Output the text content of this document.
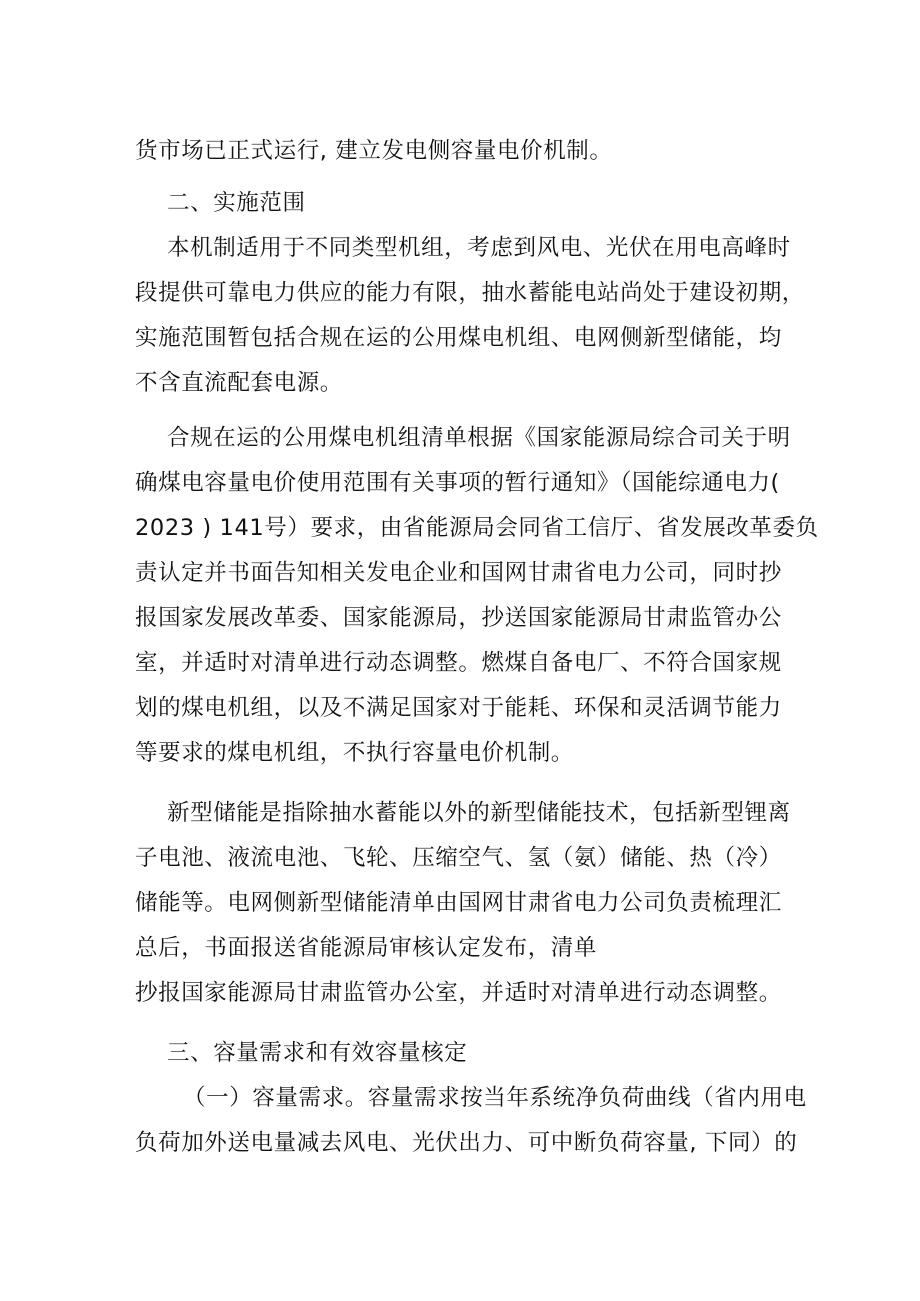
货市场已正式运行, 建立发电侧容量电价机制。

二、实施范围

本机制适用于不同类型机组，考虑到风电、光伏在用电高峰时

段提供可靠电力供应的能力有限，抽水蓄能电站尚处于建设初期，

实施范围暂包括合规在运的公用煤电机组、电网侧新型储能，均

不含直流配套电源。

合规在运的公用煤电机组清单根据《国家能源局综合司关于明

确煤电容量电价使用范围有关事项的暂行通知》（国能综通电力(

2023 ) 141号）要求，由省能源局会同省工信厅、省发展改革委负

责认定并书面告知相关发电企业和国网甘肃省电力公司，同时抄

报国家发展改革委、国家能源局，抄送国家能源局甘肃监管办公

室，并适时对清单进行动态调整。燃煤自备电厂、不符合国家规

划的煤电机组，以及不满足国家对于能耗、环保和灵活调节能力

等要求的煤电机组，不执行容量电价机制。

新型储能是指除抽水蓄能以外的新型储能技术，包括新型锂离

子电池、液流电池、飞轮、压缩空气、氢（氨）储能、热（冷）

储能等。电网侧新型储能清单由国网甘肃省电力公司负责梳理汇

总后，书面报送省能源局审核认定发布，清单

抄报国家能源局甘肃监管办公室，并适时对清单进行动态调整。

三、容量需求和有效容量核定

（一）容量需求。容量需求按当年系统净负荷曲线（省内用电

负荷加外送电量减去风电、光伏出力、可中断负荷容量, 下同）的
